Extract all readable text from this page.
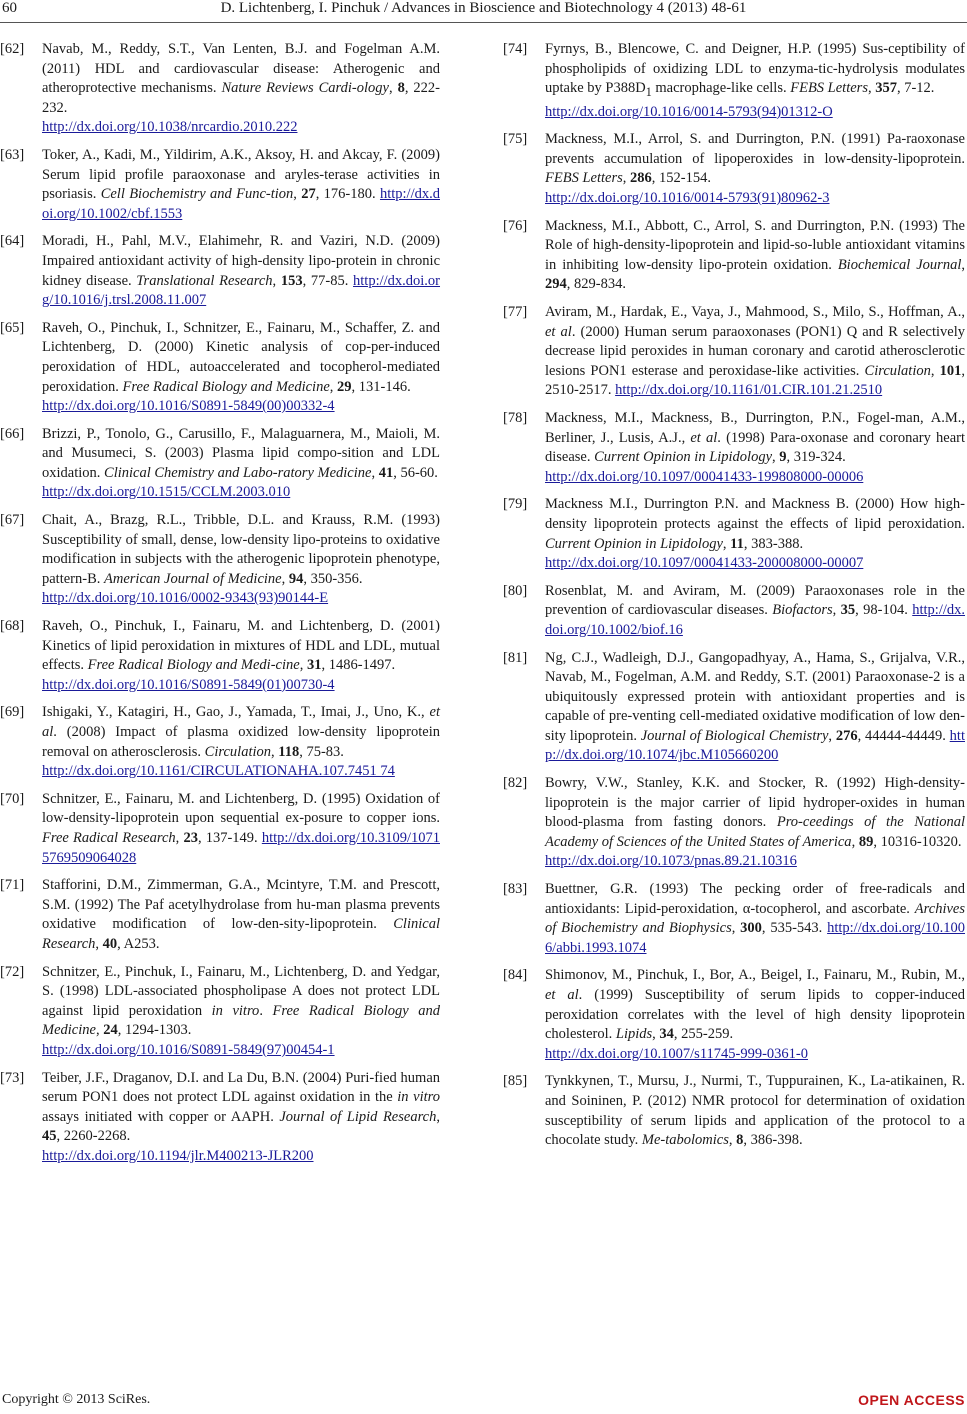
D. Lichtenberg, I. Pinchuk / Advances in Bioscience and Biotechnology 4 (2013) 48-61
60
[62]	Navab, M., Reddy, S.T., Van Lenten, B.J. and Fogelman A.M. (2011) HDL and cardiovascular disease: Atherogenic and atheroprotective mechanisms. Nature Reviews Cardi-ology, 8, 222-232.
http://dx.doi.org/10.1038/nrcardio.2010.222
[63]	Toker, A., Kadi, M., Yildirim, A.K., Aksoy, H. and Akcay, F. (2009) Serum lipid profile paraoxonase and aryles-terase activities in psoriasis. Cell Biochemistry and Func-tion, 27, 176-180. http://dx.doi.org/10.1002/cbf.1553
[64]	Moradi, H., Pahl, M.V., Elahimehr, R. and Vaziri, N.D. (2009) Impaired antioxidant activity of high-density lipo-protein in chronic kidney disease. Translational Research, 153, 77-85. http://dx.doi.org/10.1016/j.trsl.2008.11.007
[65]	Raveh, O., Pinchuk, I., Schnitzer, E., Fainaru, M., Schaffer, Z. and Lichtenberg, D. (2000) Kinetic analysis of cop-per-induced peroxidation of HDL, autoaccelerated and tocopherol-mediated peroxidation. Free Radical Biology and Medicine, 29, 131-146.
http://dx.doi.org/10.1016/S0891-5849(00)00332-4
[66]	Brizzi, P., Tonolo, G., Carusillo, F., Malaguarnera, M., Maioli, M. and Musumeci, S. (2003) Plasma lipid compo-sition and LDL oxidation. Clinical Chemistry and Labo-ratory Medicine, 41, 56-60.
http://dx.doi.org/10.1515/CCLM.2003.010
[67]	Chait, A., Brazg, R.L., Tribble, D.L. and Krauss, R.M. (1993) Susceptibility of small, dense, low-density lipo-proteins to oxidative modification in subjects with the atherogenic lipoprotein phenotype, pattern-B. American Journal of Medicine, 94, 350-356.
http://dx.doi.org/10.1016/0002-9343(93)90144-E
[68]	Raveh, O., Pinchuk, I., Fainaru, M. and Lichtenberg, D. (2001) Kinetics of lipid peroxidation in mixtures of HDL and LDL, mutual effects. Free Radical Biology and Medi-cine, 31, 1486-1497.
http://dx.doi.org/10.1016/S0891-5849(01)00730-4
[69]	Ishigaki, Y., Katagiri, H., Gao, J., Yamada, T., Imai, J., Uno, K., et al. (2008) Impact of plasma oxidized low-density lipoprotein removal on atherosclerosis. Circulation, 118, 75-83.
http://dx.doi.org/10.1161/CIRCULATIONAHA.107.7451 74
[70]	Schnitzer, E., Fainaru, M. and Lichtenberg, D. (1995) Oxidation of low-density-lipoprotein upon sequential ex-posure to copper ions. Free Radical Research, 23, 137-149. http://dx.doi.org/10.3109/10715769509064028
[71]	Stafforini, D.M., Zimmerman, G.A., Mcintyre, T.M. and Prescott, S.M. (1992) The Paf acetylhydrolase from hu-man plasma prevents oxidative modification of low-den-sity-lipoprotein. Clinical Research, 40, A253.
[72]	Schnitzer, E., Pinchuk, I., Fainaru, M., Lichtenberg, D. and Yedgar, S. (1998) LDL-associated phospholipase A does not protect LDL against lipid peroxidation in vitro. Free Radical Biology and Medicine, 24, 1294-1303.
http://dx.doi.org/10.1016/S0891-5849(97)00454-1
[73]	Teiber, J.F., Draganov, D.I. and La Du, B.N. (2004) Puri-fied human serum PON1 does not protect LDL against oxidation in the in vitro assays initiated with copper or AAPH. Journal of Lipid Research, 45, 2260-2268.
http://dx.doi.org/10.1194/jlr.M400213-JLR200
[74]	Fyrnys, B., Blencowe, C. and Deigner, H.P. (1995) Sus-ceptibility of phospholipids of oxidizing LDL to enzyma-tic-hydrolysis modulates uptake by $P388D_1$ macrophage-like cells. FEBS Letters, 357, 7-12.
http://dx.doi.org/10.1016/0014-5793(94)01312-O
[75]	Mackness, M.I., Arrol, S. and Durrington, P.N. (1991) Pa-raoxonase prevents accumulation of lipoperoxides in low-density-lipoprotein. FEBS Letters, 286, 152-154.
http://dx.doi.org/10.1016/0014-5793(91)80962-3
[76]	Mackness, M.I., Abbott, C., Arrol, S. and Durrington, P.N. (1993) The Role of high-density-lipoprotein and lipid-so-luble antioxidant vitamins in inhibiting low-density lipo-protein oxidation. Biochemical Journal, 294, 829-834.
[77]	Aviram, M., Hardak, E., Vaya, J., Mahmood, S., Milo, S., Hoffman, A., et al. (2000) Human serum paraoxonases (PON1) Q and R selectively decrease lipid peroxides in human coronary and carotid atherosclerotic lesions PON1 esterase and peroxidase-like activities. Circulation, 101, 2510-2517. http://dx.doi.org/10.1161/01.CIR.101.21.2510
[78]	Mackness, M.I., Mackness, B., Durrington, P.N., Fogel-man, A.M., Berliner, J., Lusis, A.J., et al. (1998) Para-oxonase and coronary heart disease. Current Opinion in Lipidology, 9, 319-324.
http://dx.doi.org/10.1097/00041433-199808000-00006
[79]	Mackness M.I., Durrington P.N. and Mackness B. (2000) How high-density lipoprotein protects against the effects of lipid peroxidation. Current Opinion in Lipidology, 11, 383-388.
http://dx.doi.org/10.1097/00041433-200008000-00007
[80]	Rosenblat, M. and Aviram, M. (2009) Paraoxonases role in the prevention of cardiovascular diseases. Biofactors, 35, 98-104. http://dx.doi.org/10.1002/biof.16
[81]	Ng, C.J., Wadleigh, D.J., Gangopadhyay, A., Hama, S., Grijalva, V.R., Navab, M., Fogelman, A.M. and Reddy, S.T. (2001) Paraoxonase-2 is a ubiquitously expressed protein with antioxidant properties and is capable of pre-venting cell-mediated oxidative modification of low den-sity lipoprotein. Journal of Biological Chemistry, 276, 44444-44449. http://dx.doi.org/10.1074/jbc.M105660200
[82]	Bowry, V.W., Stanley, K.K. and Stocker, R. (1992) High-density-lipoprotein is the major carrier of lipid hydroper-oxides in human blood-plasma from fasting donors. Pro-ceedings of the National Academy of Sciences of the United States of America, 89, 10316-10320.
http://dx.doi.org/10.1073/pnas.89.21.10316
[83]	Buettner, G.R. (1993) The pecking order of free-radicals and antioxidants: Lipid-peroxidation, α-tocopherol, and ascorbate. Archives of Biochemistry and Biophysics, 300, 535-543. http://dx.doi.org/10.1006/abbi.1993.1074
[84]	Shimonov, M., Pinchuk, I., Bor, A., Beigel, I., Fainaru, M., Rubin, M., et al. (1999) Susceptibility of serum lipids to copper-induced peroxidation correlates with the level of high density lipoprotein cholesterol. Lipids, 34, 255-259.
http://dx.doi.org/10.1007/s11745-999-0361-0
[85]	Tynkkynen, T., Mursu, J., Nurmi, T., Tuppurainen, K., La-atikainen, R. and Soininen, P. (2012) NMR protocol for determination of oxidation susceptibility of serum lipids and application of the protocol to a chocolate study. Me-tabolomics, 8, 386-398.
Copyright © 2013 SciRes.	OPEN ACCESS
